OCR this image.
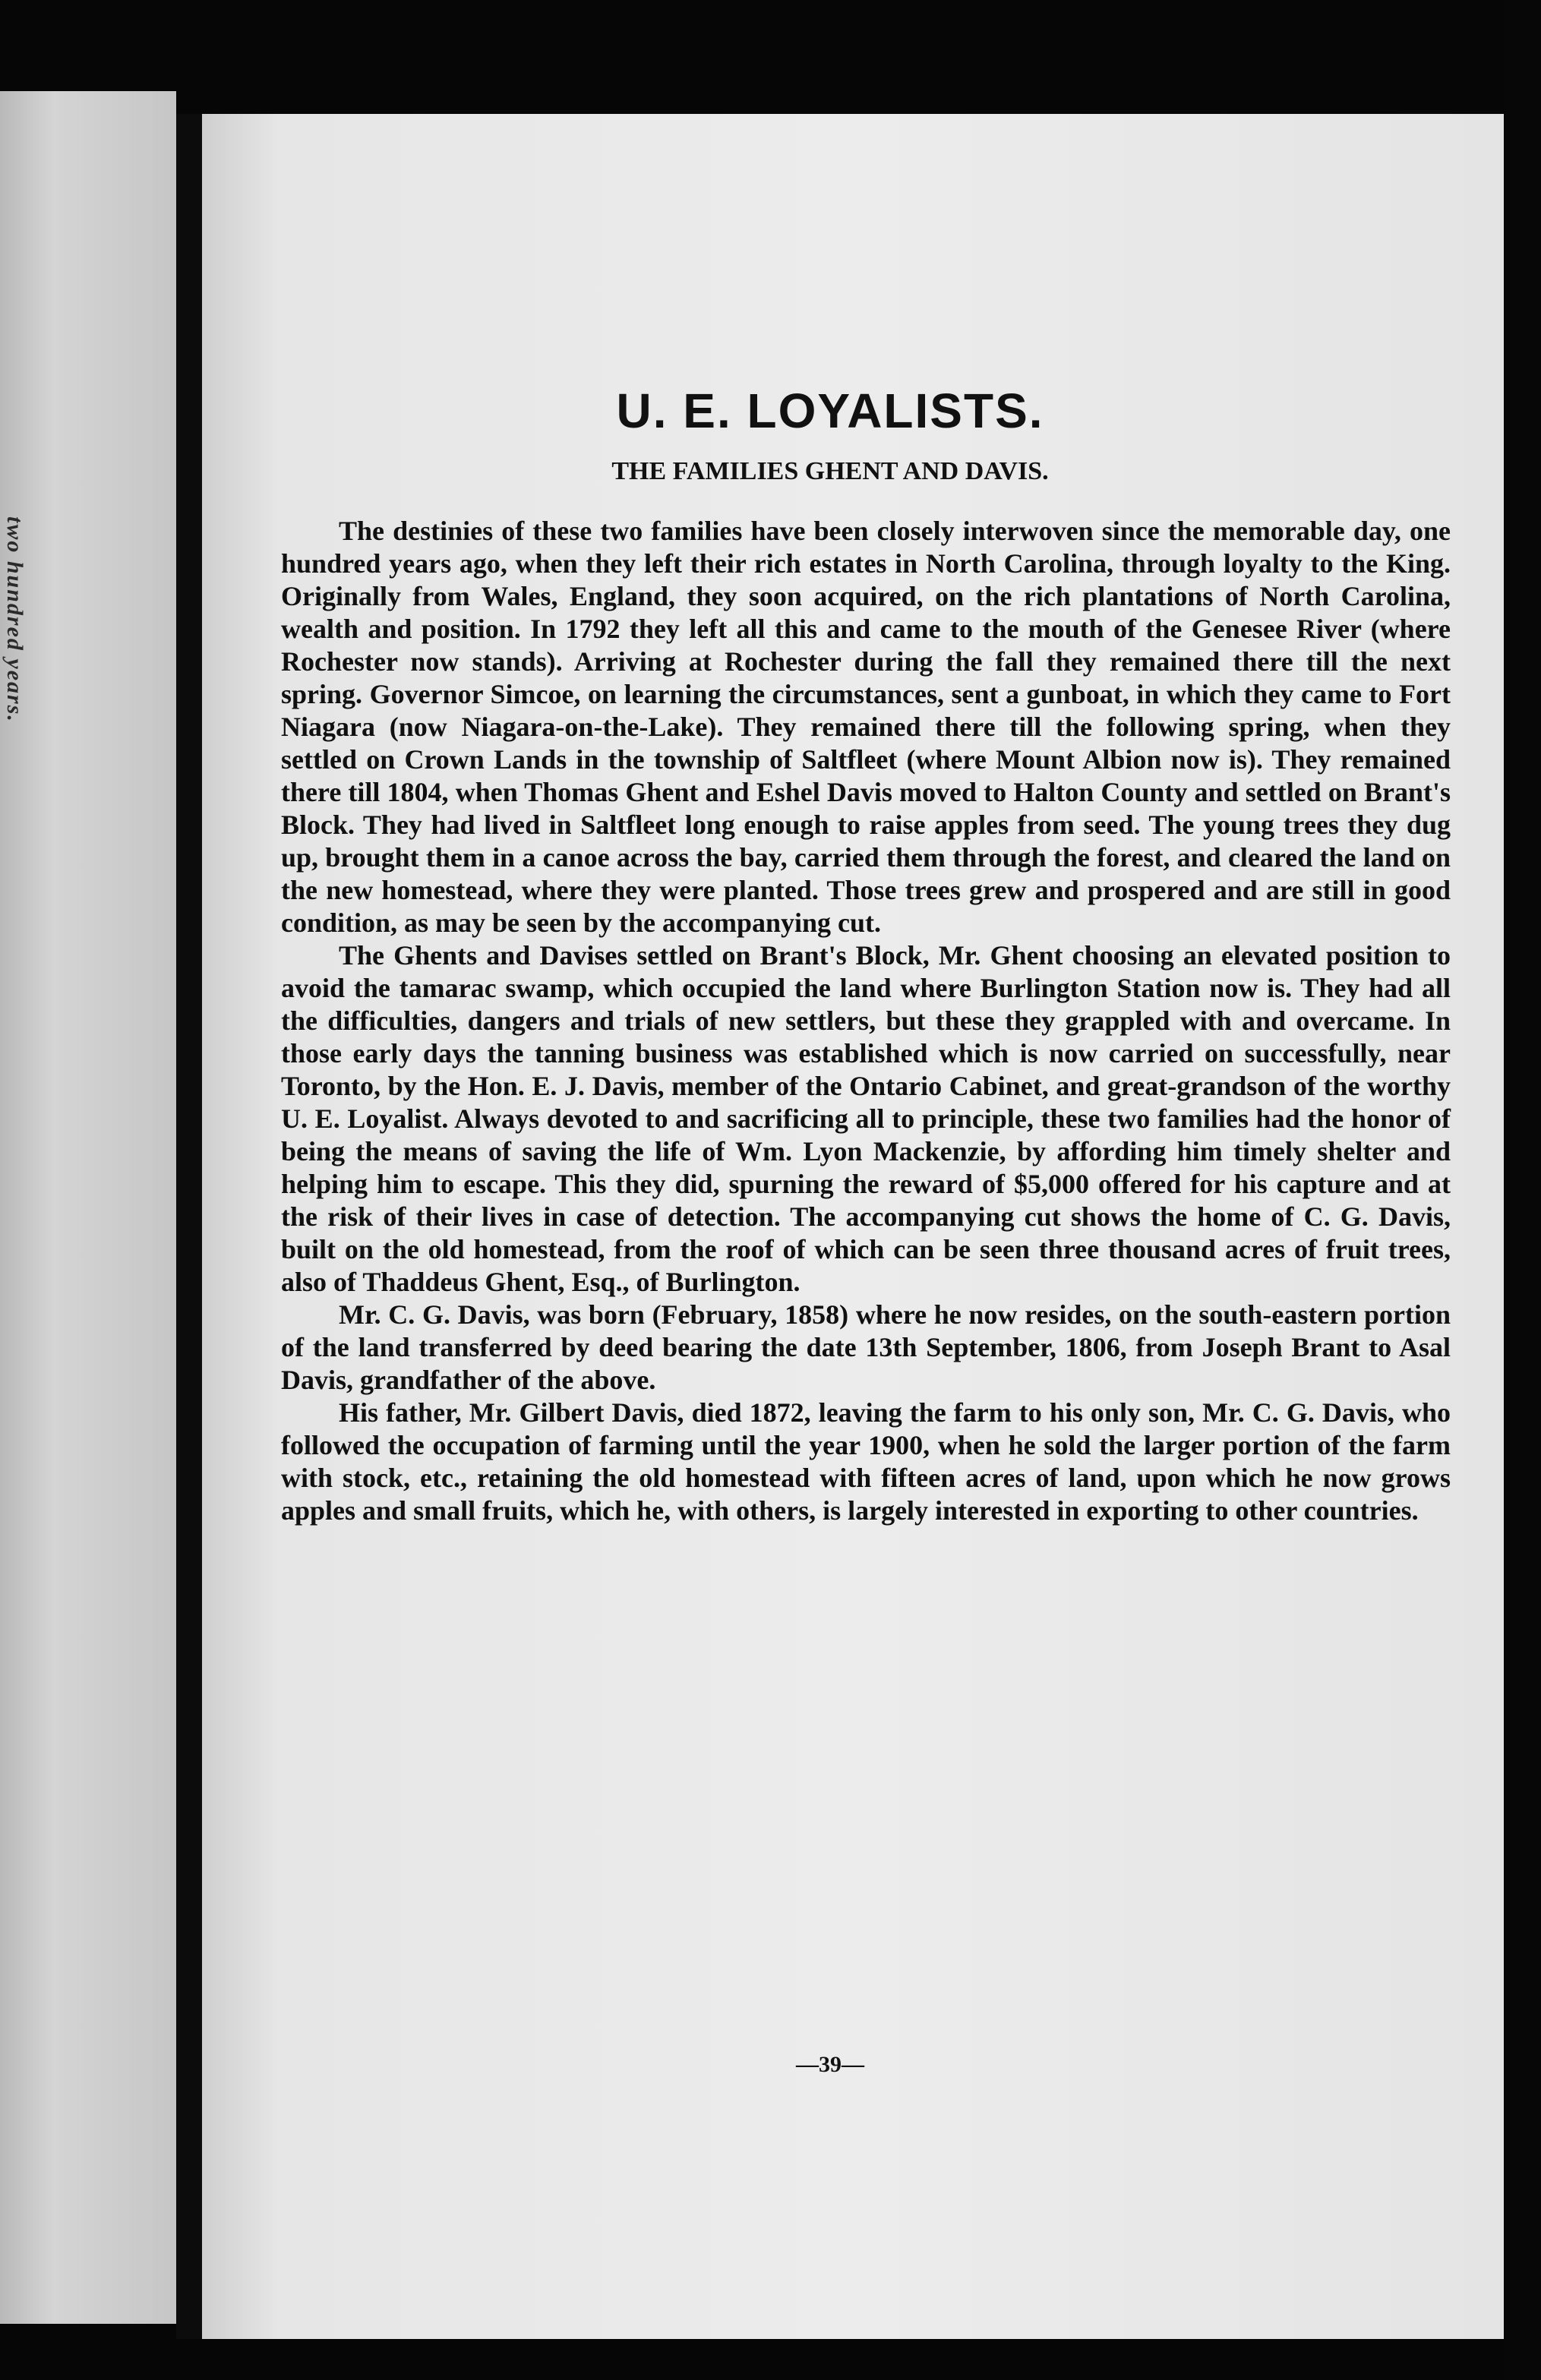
two hundred years.
U. E. LOYALISTS.
THE FAMILIES GHENT AND DAVIS.

The destinies of these two families have been closely interwoven since the memorable day, one hundred years ago, when they left their rich estates in North Carolina, through loyalty to the King. Originally from Wales, England, they soon acquired, on the rich plantations of North Carolina, wealth and position. In 1792 they left all this and came to the mouth of the Genesee River (where Rochester now stands). Arriving at Rochester during the fall they remained there till the next spring. Governor Simcoe, on learning the circumstances, sent a gunboat, in which they came to Fort Niagara (now Niagara-on-the-Lake). They remained there till the following spring, when they settled on Crown Lands in the township of Saltfleet (where Mount Albion now is). They remained there till 1804, when Thomas Ghent and Eshel Davis moved to Halton County and settled on Brant's Block. They had lived in Saltfleet long enough to raise apples from seed. The young trees they dug up, brought them in a canoe across the bay, carried them through the forest, and cleared the land on the new homestead, where they were planted. Those trees grew and prospered and are still in good condition, as may be seen by the accompanying cut.

The Ghents and Davises settled on Brant's Block, Mr. Ghent choosing an elevated position to avoid the tamarac swamp, which occupied the land where Burlington Station now is. They had all the difficulties, dangers and trials of new settlers, but these they grappled with and overcame. In those early days the tanning business was established which is now carried on successfully, near Toronto, by the Hon. E. J. Davis, member of the Ontario Cabinet, and great-grandson of the worthy U. E. Loyalist. Always devoted to and sacrificing all to principle, these two families had the honor of being the means of saving the life of Wm. Lyon Mackenzie, by affording him timely shelter and helping him to escape. This they did, spurning the reward of $5,000 offered for his capture and at the risk of their lives in case of detection. The accompanying cut shows the home of C. G. Davis, built on the old homestead, from the roof of which can be seen three thousand acres of fruit trees, also of Thaddeus Ghent, Esq., of Burlington.

Mr. C. G. Davis, was born (February, 1858) where he now resides, on the south-eastern portion of the land transferred by deed bearing the date 13th September, 1806, from Joseph Brant to Asal Davis, grandfather of the above.

His father, Mr. Gilbert Davis, died 1872, leaving the farm to his only son, Mr. C. G. Davis, who followed the occupation of farming until the year 1900, when he sold the larger portion of the farm with stock, etc., retaining the old homestead with fifteen acres of land, upon which he now grows apples and small fruits, which he, with others, is largely interested in exporting to other countries.

—39—
